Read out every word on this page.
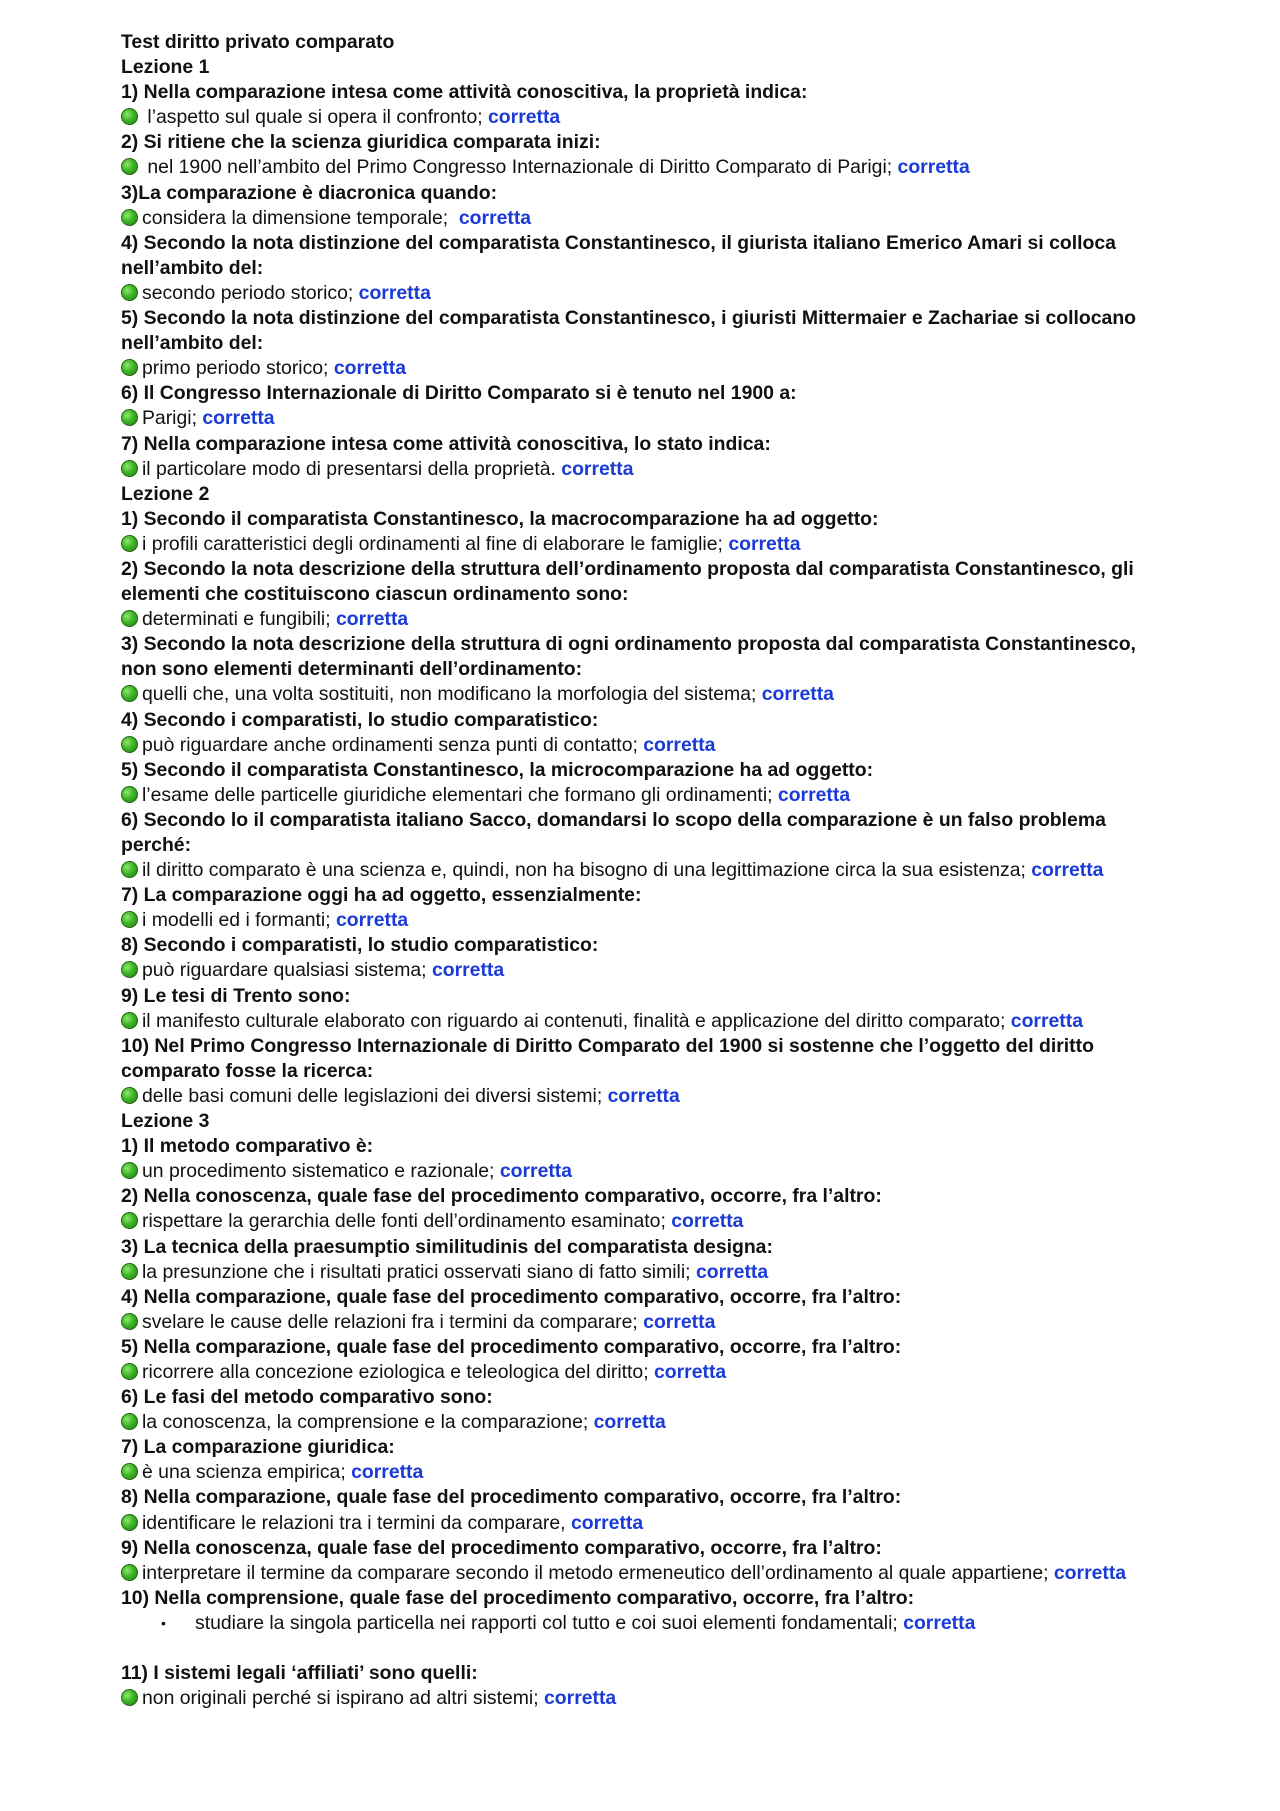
Test diritto privato comparato
Lezione 1
1) Nella comparazione intesa come attività conoscitiva, la proprietà indica:
l’aspetto sul quale si opera il confronto; corretta
2) Si ritiene che la scienza giuridica comparata inizi:
nel 1900 nell’ambito del Primo Congresso Internazionale di Diritto Comparato di Parigi; corretta
3)La comparazione è diacronica quando:
considera la dimensione temporale;  corretta
4) Secondo la nota distinzione del comparatista Constantinesco, il giurista italiano Emerico Amari si colloca nell’ambito del:
secondo periodo storico; corretta
5) Secondo la nota distinzione del comparatista Constantinesco, i giuristi Mittermaier e Zachariae si collocano nell’ambito del:
primo periodo storico; corretta
6) Il Congresso Internazionale di Diritto Comparato si è tenuto nel 1900 a:
Parigi; corretta
7) Nella comparazione intesa come attività conoscitiva, lo stato indica:
il particolare modo di presentarsi della proprietà. corretta
Lezione 2
1) Secondo il comparatista Constantinesco, la macrocomparazione ha ad oggetto:
i profili caratteristici degli ordinamenti al fine di elaborare le famiglie; corretta
2) Secondo la nota descrizione della struttura dell’ordinamento proposta dal comparatista Constantinesco, gli elementi che costituiscono ciascun ordinamento sono:
determinati e fungibili; corretta
3) Secondo la nota descrizione della struttura di ogni ordinamento proposta dal comparatista Constantinesco, non sono elementi determinanti dell’ordinamento:
quelli che, una volta sostituiti, non modificano la morfologia del sistema; corretta
4) Secondo i comparatisti, lo studio comparatistico:
può riguardare anche ordinamenti senza punti di contatto; corretta
5) Secondo il comparatista Constantinesco, la microcomparazione ha ad oggetto:
l’esame delle particelle giuridiche elementari che formano gli ordinamenti; corretta
6) Secondo lo il comparatista italiano Sacco, domandarsi lo scopo della comparazione è un falso problema perché:
il diritto comparato è una scienza e, quindi, non ha bisogno di una legittimazione circa la sua esistenza; corretta
7) La comparazione oggi ha ad oggetto, essenzialmente:
i modelli ed i formanti; corretta
8) Secondo i comparatisti, lo studio comparatistico:
può riguardare qualsiasi sistema; corretta
9) Le tesi di Trento sono:
il manifesto culturale elaborato con riguardo ai contenuti, finalità e applicazione del diritto comparato; corretta
10) Nel Primo Congresso Internazionale di Diritto Comparato del 1900 si sostenne che l’oggetto del diritto comparato fosse la ricerca:
delle basi comuni delle legislazioni dei diversi sistemi; corretta
Lezione 3
1) Il metodo comparativo è:
un procedimento sistematico e razionale; corretta
2) Nella conoscenza, quale fase del procedimento comparativo, occorre, fra l’altro:
rispettare la gerarchia delle fonti dell’ordinamento esaminato; corretta
3) La tecnica della praesumptio similitudinis del comparatista designa:
la presunzione che i risultati pratici osservati siano di fatto simili; corretta
4) Nella comparazione, quale fase del procedimento comparativo, occorre, fra l’altro:
svelare le cause delle relazioni fra i termini da comparare; corretta
5) Nella comparazione, quale fase del procedimento comparativo, occorre, fra l’altro:
ricorrere alla concezione eziologica e teleologica del diritto; corretta
6) Le fasi del metodo comparativo sono:
la conoscenza, la comprensione e la comparazione; corretta
7) La comparazione giuridica:
è una scienza empirica; corretta
8) Nella comparazione, quale fase del procedimento comparativo, occorre, fra l’altro:
identificare le relazioni tra i termini da comparare, corretta
9) Nella conoscenza, quale fase del procedimento comparativo, occorre, fra l’altro:
interpretare il termine da comparare secondo il metodo ermeneutico dell’ordinamento al quale appartiene; corretta
10) Nella comprensione, quale fase del procedimento comparativo, occorre, fra l’altro:
• studiare la singola particella nei rapporti col tutto e coi suoi elementi fondamentali; corretta
11) I sistemi legali ‘affiliati’ sono quelli:
non originali perché si ispirano ad altri sistemi; corretta
